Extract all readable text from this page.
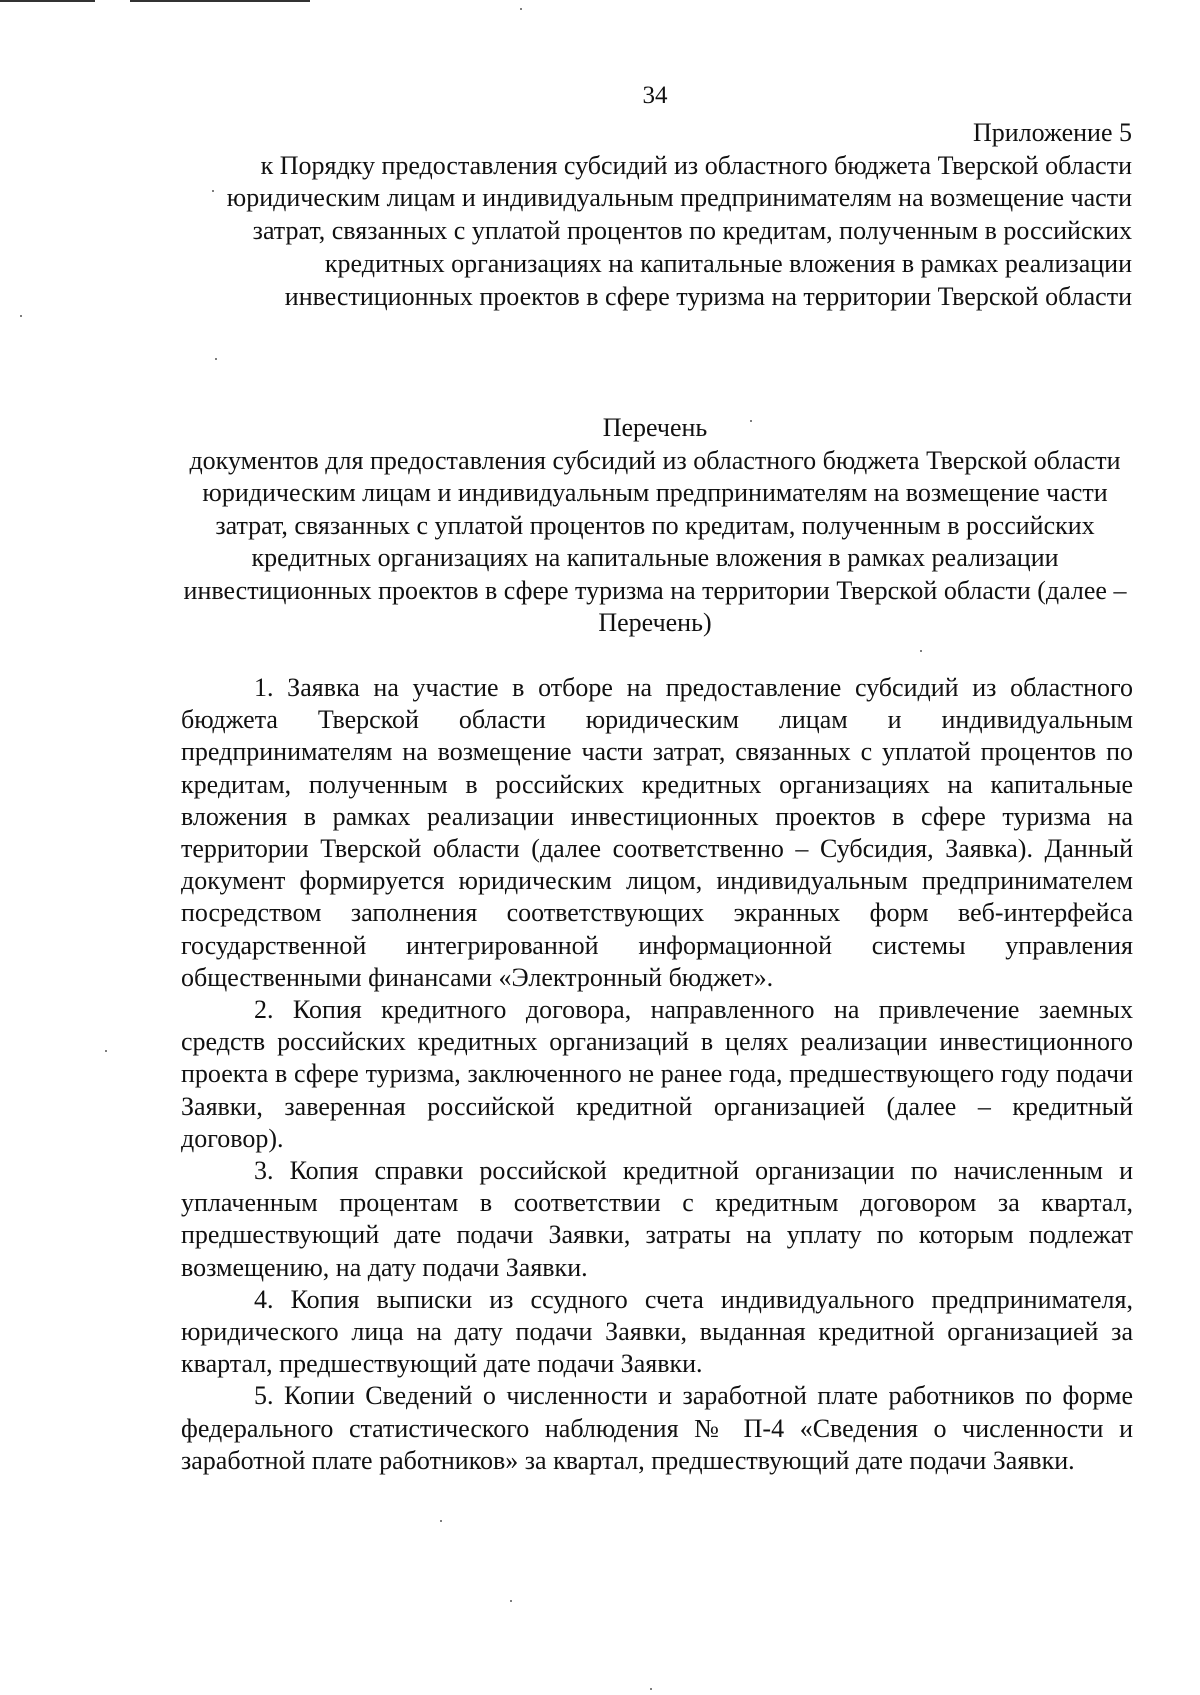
34
Приложение 5
к Порядку предоставления субсидий из областного бюджета Тверской области юридическим лицам и индивидуальным предпринимателям на возмещение части затрат, связанных с уплатой процентов по кредитам, полученным в российских кредитных организациях на капитальные вложения в рамках реализации инвестиционных проектов в сфере туризма на территории Тверской области
Перечень
документов для предоставления субсидий из областного бюджета Тверской области юридическим лицам и индивидуальным предпринимателям на возмещение части затрат, связанных с уплатой процентов по кредитам, полученным в российских кредитных организациях на капитальные вложения в рамках реализации инвестиционных проектов в сфере туризма на территории Тверской области (далее – Перечень)

1. Заявка на участие в отборе на предоставление субсидий из областного бюджета Тверской области юридическим лицам и индивидуальным предпринимателям на возмещение части затрат, связанных с уплатой процентов по кредитам, полученным в российских кредитных организациях на капитальные вложения в рамках реализации инвестиционных проектов в сфере туризма на территории Тверской области (далее соответственно – Субсидия, Заявка). Данный документ формируется юридическим лицом, индивидуальным предпринимателем посредством заполнения соответствующих экранных форм веб-интерфейса государственной интегрированной информационной системы управления общественными финансами «Электронный бюджет».

2. Копия кредитного договора, направленного на привлечение заемных средств российских кредитных организаций в целях реализации инвестиционного проекта в сфере туризма, заключенного не ранее года, предшествующего году подачи Заявки, заверенная российской кредитной организацией (далее – кредитный договор).

3. Копия справки российской кредитной организации по начисленным и уплаченным процентам в соответствии с кредитным договором за квартал, предшествующий дате подачи Заявки, затраты на уплату по которым подлежат возмещению, на дату подачи Заявки.

4. Копия выписки из ссудного счета индивидуального предпринимателя, юридического лица на дату подачи Заявки, выданная кредитной организацией за квартал, предшествующий дате подачи Заявки.

5. Копии Сведений о численности и заработной плате работников по форме федерального статистического наблюдения № П-4 «Сведения о численности и заработной плате работников» за квартал, предшествующий дате подачи Заявки.
